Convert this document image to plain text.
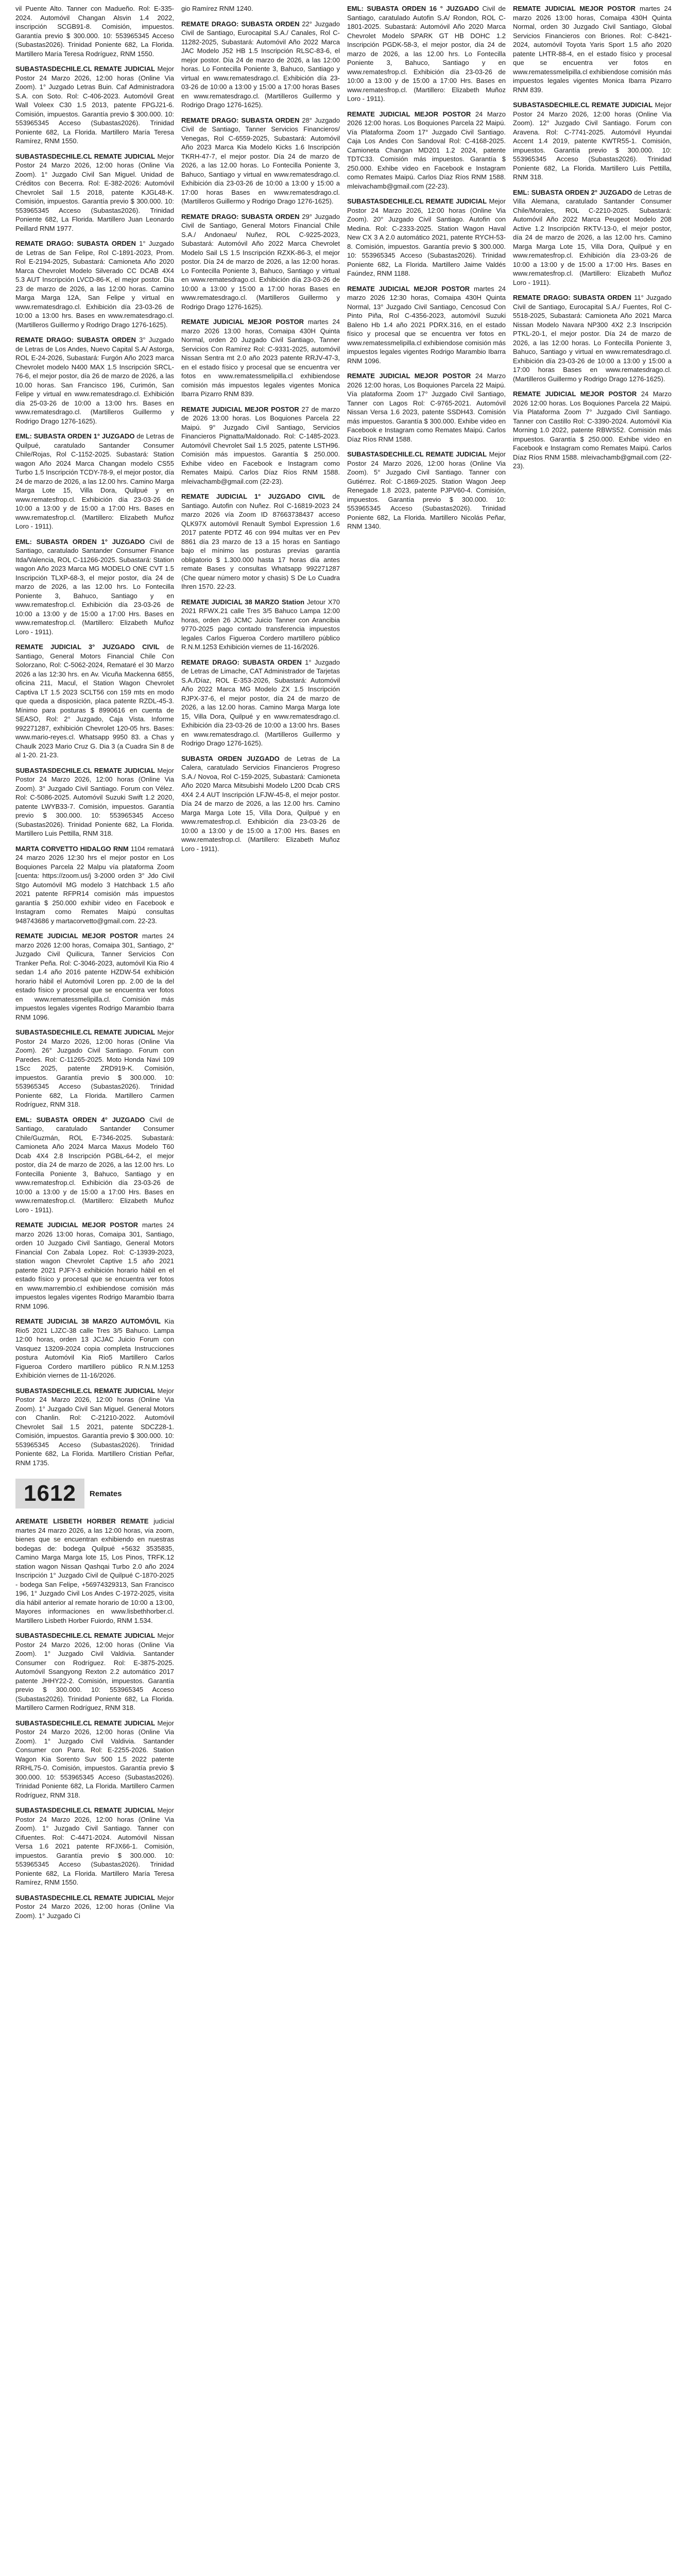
vil Puente Alto. Tanner con Madueño. Rol: E-335-2024. Automóvil Changan Alsvin 1.4 2022, inscripción SCGB91-8. Comisión, impuestos. Garantía previo $ 300.000. 10: 553965345 Acceso (Subastas2026). Trinidad Poniente 682, La Florida. Martillero María Teresa Rodríguez, RNM 1550.

SUBASTASDECHILE.CL REMATE JUDICIAL Mejor Postor 24 Marzo 2026, 12:00 horas (Online Via Zoom). 1° Juzgado Letras Buin. Caf Administradora S.A. con Soto. Rol: C-406-2023. Automóvil Great Wall Voleex C30 1.5 2013, patente FPGJ21-6. Comisión, impuestos. Garantía previo $ 300.000. 10: 553965345 Acceso (Subastas2026). Trinidad Poniente 682, La Florida. Martillero María Teresa Ramírez, RNM 1550.

SUBASTASDECHILE.CL REMATE JUDICIAL Mejor Postor 24 Marzo 2026, 12:00 horas (Online Via Zoom). 1° Juzgado Civil San Miguel. Unidad de Créditos con Becerra. Rol: E-382-2026: Automóvil Chevrolet Sail 1.5 2018, patente KJGL48-K. Comisión, impuestos. Garantía previo $ 300.000. 10: 553965345 Acceso (Subastas2026). Trinidad Poniente 682, La Florida. Martillero Juan Leonardo Peillard RNM 1977.

REMATE DRAGO: SUBASTA ORDEN 1° Juzgado de Letras de San Felipe, Rol C-1891-2023, Prom. Rol E-2194-2025, Subastará: Camioneta Año 2020 Marca Chevrolet Modelo Silverado CC DCAB 4X4 5.3 AUT Inscripción LVCD-86-K, el mejor postor. Día 23 de marzo de 2026, a las 12:00 horas. Camino Marga Marga 12A, San Felipe y virtual en www.rematesdrago.cl. Exhibición día 23-03-26 de 10:00 a 13:00 hrs. Bases en www.rematesdrago.cl. (Martilleros Guillermo y Rodrigo Drago 1276-1625).

REMATE DRAGO: SUBASTA ORDEN 3° Juzgado de Letras de Los Andes, Nuevo Capital S.A/ Astorga, ROL E-24-2026, Subastará: Furgón Año 2023 marca Chevrolet modelo N400 MAX 1.5 Inscripción SRCL-76-6, el mejor postor, día 26 de marzo de 2026, a las 10.00 horas. San Francisco 196, Curimón, San Felipe y virtual en www.rematesdrago.cl. Exhibición día 25-03-26 de 10:00 a 13:00 hrs. Bases en www.rematesdrago.cl. (Martilleros Guillermo y Rodrigo Drago 1276-1625).

EML: SUBASTA ORDEN 1° JUZGADO de Letras de Quilpué, caratulado Santander Consumer Chile/Rojas, Rol C-1152-2025. Subastará: Station wagon Año 2024 Marca Changan modelo CS55 Turbo 1.5 Inscripción TCDY-78-9, el mejor postor, día 24 de marzo de 2026, a las 12.00 hrs. Camino Marga Marga Lote 15, Villa Dora, Quilpué y en www.rematesfrop.cl. Exhibición día 23-03-26 de 10:00 a 13:00 y de 15:00 a 17:00 Hrs. Bases en www.rematesfrop.cl. (Martillero: Elizabeth Muñoz Loro - 1911).

EML: SUBASTA ORDEN 1° JUZGADO Civil de Santiago, caratulado Santander Consumer Finance Itda/Valencia, ROL C-11266-2025. Subastará: Station wagon Año 2023 Marca MG MODELO ONE CVT 1.5 Inscripción TLXP-68-3, el mejor postor, día 24 de marzo de 2026, a las 12.00 hrs. Lo Fontecilla Poniente 3, Bahuco, Santiago y en www.rematesfrop.cl. Exhibición día 23-03-26 de 10:00 a 13:00 y de 15:00 a 17:00 Hrs. Bases en www.rematesfrop.cl. (Martillero: Elizabeth Muñoz Loro - 1911).

REMATE JUDICIAL 3° JUZGADO CIVIL de Santiago, General Motors Financial Chile Con Solorzano, Rol: C-5062-2024, Remataré el 30 Marzo 2026 a las 12:30 hrs. en Av. Vicuña Mackenna 6855, oficina 211, Macul, el Station Wagon Chevrolet Captiva LT 1.5 2023 SCLT56 con 159 mts en modo que queda a disposición, placa patente RZDL-45-3. Mínimo para posturas $ 8990616 en cuenta de SEASO, Rol: 2° Juzgado, Caja Vista. Informe 992271287, exhibición Chevrolet 120-05 hrs. Bases: www.mario-reyes.cl. Whatsapp 9950 83. a Chas y Chaulk 2023 Mario Cruz G. Dia 3 (a Cuadra Sin 8 de al 1-20. 21-23.

SUBASTASDECHILE.CL REMATE JUDICIAL Mejor Postor 24 Marzo 2026, 12:00 horas (Online Via Zoom). 3° Juzgado Civil Santiago. Forum con Vélez. Rol: C-5086-2025. Automóvil Suzuki Swift 1.2 2020, patente LWYB33-7. Comisión, impuestos. Garantía previo $ 300.000. 10: 553965345 Acceso (Subastas2026). Trinidad Poniente 682, La Florida. Martillero Luis Pettilla, RNM 318.

MARTA CORVETTO HIDALGO RNM 1104 rematará 24 marzo 2026 12:30 hrs el mejor postor en Los Boquiones Parcela 22 Malpu vía plataforma Zoom [cuenta: https://zoom.us/j 3-2000 orden 3° Jdo Civil Stgo Automóvil MG modelo 3 Hatchback 1.5 año 2021 patente RFPR14 comisión más impuestos garantía $ 250.000 exhibir video en Facebook e Instagram como Remates Maipú consultas 948743686 y martacorvetto@gmail.com. 22-23.

REMATE JUDICIAL MEJOR POSTOR martes 24 marzo 2026 12:00 horas, Comaipa 301, Santiago, 2° Juzgado Civil Quilicura, Tanner Servicios Con Tranker Peña. Rol: C-3046-2023, automóvil Kia Rio 4 sedan 1.4 año 2016 patente HZDW-54 exhibición horario hábil el Automóvil Loren pp. 2.00 de la del estado físico y procesal que se encuentra ver fotos en www.rematessmelipilla.cl. Comisión más impuestos legales vigentes Rodrigo Marambio Ibarra RNM 1096.

SUBASTASDECHILE.CL REMATE JUDICIAL Mejor Postor 24 Marzo 2026, 12:00 horas (Online Via Zoom). 26° Juzgado Civil Santiago. Forum con Paredes. Rol: C-11265-2025. Moto Honda Navi 109 1Scc 2025, patente ZRD919-K. Comisión, impuestos. Garantía previo $ 300.000. 10: 553965345 Acceso (Subastas2026). Trinidad Poniente 682, La Florida. Martillero Carmen Rodríguez, RNM 318.

EML: SUBASTA ORDEN 4° JUZGADO Civil de Santiago, caratulado Santander Consumer Chile/Guzmán, ROL E-7346-2025. Subastará: Camioneta Año 2024 Marca Maxus Modelo T60 Dcab 4X4 2.8 Inscripción PGBL-64-2, el mejor postor, día 24 de marzo de 2026, a las 12.00 hrs. Lo Fontecilla Poniente 3, Bahuco, Santiago y en www.rematesfrop.cl. Exhibición día 23-03-26 de 10:00 a 13:00 y de 15:00 a 17:00 Hrs. Bases en www.rematesfrop.cl. (Martillero: Elizabeth Muñoz Loro - 1911).

REMATE JUDICIAL MEJOR POSTOR martes 24 marzo 2026 13:00 horas, Comaipa 301, Santiago, orden 10 Juzgado Civil Santiago, General Motors Financial Con Zabala Lopez. Rol: C-13939-2023, station wagon Chevrolet Captive 1.5 año 2021 patente 2021 PJFY-3 exhibición horario hábil en el estado físico y procesal que se encuentra ver fotos en www.marrembio.cl exhibiendose comisión más impuestos legales vigentes Rodrigo Marambio Ibarra RNM 1096.

REMATE JUDICIAL 38 MARZO AUTOMÓVIL Kia Rio5 2021 LJZC-38 calle Tres 3/5 Bahuco. Lampa 12:00 horas, orden 13 JCJAC Juicio Forum con Vasquez 13209-2024 copia completa Instrucciones postura Automóvil Kia Rio5 Martillero Carlos Figueroa Cordero martillero público R.N.M.1253 Exhibición viernes de 11-16/2026.

SUBASTASDECHILE.CL REMATE JUDICIAL Mejor Postor 24 Marzo 2026, 12:00 horas (Online Via Zoom). 1° Juzgado Civil San Miguel. General Motors con Chanlin. Rol: C-21210-2022. Automóvil Chevrolet Sail 1.5 2021, patente SDCZ28-1. Comisión, impuestos. Garantía previo $ 300.000. 10: 553965345 Acceso (Subastas2026). Trinidad Poniente 682, La Florida. Martillero Cristian Peñar, RNM 1735.

1612	Remates

AREMATE LISBETH HORBER REMATE judicial martes 24 marzo 2026, a las 12:00 horas, vía zoom, bienes que se encuentran exhibiendo en nuestras bodegas de: bodega Quilpué +5632 3535835, Camino Marga Marga lote 15, Los Pinos, TRFK.12 station wagon Nissan Qashqai Turbo 2.0 año 2024 Inscripción 1° Juzgado Civil de Quilpué C-1870-2025 - bodega San Felipe, +56974329313, San Francisco 196, 1° Juzgado Civil Los Andes C-1972-2025, visita día hábil anterior al remate horario de 10:00 a 13:00, Mayores informaciones en www.lisbethhorber.cl. Martillero Lisbeth Horber Fuiordo, RNM 1.534.

SUBASTASDECHILE.CL REMATE JUDICIAL Mejor Postor 24 Marzo 2026, 12:00 horas (Online Via Zoom). 1° Juzgado Civil Valdivia. Santander Consumer con Rodríguez. Rol: E-3875-2025. Automóvil Ssangyong Rexton 2.2 automático 2017 patente JHHY22-2. Comisión, impuestos. Garantía previo $ 300.000. 10: 553965345 Acceso (Subastas2026). Trinidad Poniente 682, La Florida. Martillero Carmen Rodríguez, RNM 318.

SUBASTASDECHILE.CL REMATE JUDICIAL Mejor Postor 24 Marzo 2026, 12:00 horas (Online Via Zoom). 1° Juzgado Civil Valdivia. Santander Consumer con Parra. Rol: E-2255-2026. Station Wagon Kia Sorento Suv 500 1.5 2022 patente RRHL75-0. Comisión, impuestos. Garantía previo $ 300.000. 10: 553965345 Acceso (Subastas2026). Trinidad Poniente 682, La Florida. Martillero Carmen Rodríguez, RNM 318.

SUBASTASDECHILE.CL REMATE JUDICIAL Mejor Postor 24 Marzo 2026, 12:00 horas (Online Via Zoom). 1° Juzgado Civil Santiago. Tanner con Cifuentes. Rol: C-4471-2024. Automóvil Nissan Versa 1.6 2021 patente RFJX66-1. Comisión, impuestos. Garantía previo $ 300.000. 10: 553965345 Acceso (Subastas2026). Trinidad Poniente 682, La Florida. Martillero María Teresa Ramírez, RNM 1550.

SUBASTASDECHILE.CL REMATE JUDICIAL Mejor Postor 24 Marzo 2026, 12:00 horas (Online Via Zoom). 1° Juzgado Ci

gio Ramírez RNM 1240.

REMATE DRAGO: SUBASTA ORDEN 22° Juzgado Civil de Santiago, Eurocapital S.A./ Canales, Rol C-11282-2025, Subastará: Automóvil Año 2022 Marca JAC Modelo J52 HB 1.5 Inscripción RLSC-83-6, el mejor postor. Día 24 de marzo de 2026, a las 12:00 horas. Lo Fontecilla Poniente 3, Bahuco, Santiago y virtual en www.rematesdrago.cl. Exhibición día 23-03-26 de 10:00 a 13:00 y 15:00 a 17:00 horas Bases en www.rematesdrago.cl. (Martilleros Guillermo y Rodrigo Drago 1276-1625).

REMATE DRAGO: SUBASTA ORDEN 28° Juzgado Civil de Santiago, Tanner Servicios Financieros/ Venegas, Rol C-6559-2025, Subastará: Automóvil Año 2023 Marca Kia Modelo Kicks 1.6 Inscripción TKRH-47-7, el mejor postor. Día 24 de marzo de 2026, a las 12.00 horas. Lo Fontecilla Poniente 3, Bahuco, Santiago y virtual en www.rematesdrago.cl. Exhibición día 23-03-26 de 10:00 a 13:00 y 15:00 a 17:00 horas Bases en www.rematesdrago.cl. (Martilleros Guillermo y Rodrigo Drago 1276-1625).

REMATE DRAGO: SUBASTA ORDEN 29° Juzgado Civil de Santiago, General Motors Financial Chile S.A./ Andonaeu/ Nuñez, ROL C-9225-2023, Subastará: Automóvil Año 2022 Marca Chevrolet Modelo Sail LS 1.5 Inscripción RZXK-86-3, el mejor postor. Día 24 de marzo de 2026, a las 12:00 horas. Lo Fontecilla Poniente 3, Bahuco, Santiago y virtual en www.rematesdrago.cl. Exhibición día 23-03-26 de 10:00 a 13:00 y 15:00 a 17:00 horas Bases en www.rematesdrago.cl. (Martilleros Guillermo y Rodrigo Drago 1276-1625).

REMATE JUDICIAL MEJOR POSTOR martes 24 marzo 2026 13:00 horas, Comaipa 430H Quinta Normal, orden 20 Juzgado Civil Santiago, Tanner Servicios Con Ramírez Rol: C-9331-2025, automóvil Nissan Sentra mt 2.0 año 2023 patente RRJV-47-3, en el estado físico y procesal que se encuentra ver fotos en www.rematessmelipilla.cl exhibiendose comisión más impuestos legales vigentes Monica Ibarra Pizarro RNM 839.

REMATE JUDICIAL MEJOR POSTOR 27 de marzo de 2026 13:00 horas. Los Boquiones Parcela 22 Maipú. 9° Juzgado Civil Santiago, Servicios Financieros Pignatta/Maldonado. Rol: C-1485-2023. Automóvil Chevrolet Sail 1.5 2025, patente LSTH96. Comisión más impuestos. Garantía $ 250.000. Exhibe video en Facebook e Instagram como Remates Maipú. Carlos Díaz Ríos RNM 1588. mleivachamb@gmail.com (22-23).

REMATE JUDICIAL 1° JUZGADO CIVIL de Santiago. Autofin con Nuñez. Rol C-16819-2023 24 marzo 2026 vía Zoom ID 87663738437 acceso QLK97X automóvil Renault Symbol Expression 1.6 2017 patente PDTZ 46 con 994 multas ver en Pev 8861 día 23 marzo de 13 a 15 horas en Santiago bajo el mínimo las posturas previas garantía obligatorio $ 1.300.000 hasta 17 horas día antes remate Bases y consultas Whatsapp 992271287 (Che quear número motor y chasis) S De Lo Cuadra Ihren 1570. 22-23.

REMATE JUDICIAL 38 MARZO Station Jetour X70 2021 RFWX.21 calle Tres 3/5 Bahuco Lampa 12:00 horas, orden 26 JCMC Juicio Tanner con Arancibia 9770-2025 pago contado transferencia impuestos legales Carlos Figueroa Cordero martillero público R.N.M.1253 Exhibición viernes de 11-16/2026.

REMATE DRAGO: SUBASTA ORDEN 1° Juzgado de Letras de Limache, CAT Administrador de Tarjetas S.A./Díaz, ROL E-353-2026, Subastará: Automóvil Año 2022 Marca MG Modelo ZX 1.5 Inscripción RJPX-37-6, el mejor postor, día 24 de marzo de 2026, a las 12.00 horas. Camino Marga Marga lote 15, Villa Dora, Quilpué y en www.rematesdrago.cl. Exhibición día 23-03-26 de 10:00 a 13:00 hrs. Bases en www.rematesdrago.cl. (Martilleros Guillermo y Rodrigo Drago 1276-1625).

SUBASTA ORDEN JUZGADO de Letras de La Calera, caratulado Servicios Financieros Progreso S.A./ Novoa, Rol C-159-2025, Subastará: Camioneta Año 2020 Marca Mitsubishi Modelo L200 Dcab CRS 4X4 2.4 AUT Inscripción LFJW-45-8, el mejor postor. Día 24 de marzo de 2026, a las 12.00 hrs. Camino Marga Marga Lote 15, Villa Dora, Quilpué y en www.rematesfrop.cl. Exhibición día 23-03-26 de 10:00 a 13:00 y de 15:00 a 17:00 Hrs. Bases en www.rematesfrop.cl. (Martillero: Elizabeth Muñoz Loro - 1911).

EML: SUBASTA ORDEN 16 ° JUZGADO Civil de Santiago, caratulado Autofin S.A/ Rondon, ROL C-1801-2025. Subastará: Automóvil Año 2020 Marca Chevrolet Modelo SPARK GT HB DOHC 1.2 Inscripción PGDK-58-3, el mejor postor, día 24 de marzo de 2026, a las 12.00 hrs. Lo Fontecilla Poniente 3, Bahuco, Santiago y en www.rematesfrop.cl. Exhibición día 23-03-26 de 10:00 a 13:00 y de 15:00 a 17:00 Hrs. Bases en www.rematesfrop.cl. (Martillero: Elizabeth Muñoz Loro - 1911).

REMATE JUDICIAL MEJOR POSTOR 24 Marzo 2026 12:00 horas. Los Boquiones Parcela 22 Maipú. Vía Plataforma Zoom 17° Juzgado Civil Santiago. Caja Los Andes Con Sandoval Rol: C-4168-2025. Camioneta Changan MD201 1.2 2024, patente TDTC33. Comisión más impuestos. Garantía $ 250.000. Exhibe video en Facebook e Instagram como Remates Maipú. Carlos Díaz Ríos RNM 1588. mleivachamb@gmail.com (22-23).

SUBASTASDECHILE.CL REMATE JUDICIAL Mejor Postor 24 Marzo 2026, 12:00 horas (Online Via Zoom). 20° Juzgado Civil Santiago. Autofin con Medina. Rol: C-2333-2025. Station Wagon Haval New CX 3 A 2.0 automático 2021, patente RYCH-53-8. Comisión, impuestos. Garantía previo $ 300.000. 10: 553965345 Acceso (Subastas2026). Trinidad Poniente 682, La Florida. Martillero Jaime Valdés Faúndez, RNM 1188.

REMATE JUDICIAL MEJOR POSTOR martes 24 marzo 2026 12:30 horas, Comaipa 430H Quinta Normal, 13° Juzgado Civil Santiago, Cencosud Con Pinto Piña, Rol C-4356-2023, automóvil Suzuki Baleno Hb 1.4 año 2021 PDRX.316, en el estado físico y procesal que se encuentra ver fotos en www.rematessmelipilla.cl exhibiendose comisión más impuestos legales vigentes Rodrigo Marambio Ibarra RNM 1096.

REMATE JUDICIAL MEJOR POSTOR 24 Marzo 2026 12:00 horas, Los Boquiones Parcela 22 Maipú. Vía plataforma Zoom 17° Juzgado Civil Santiago, Tanner con Lagos Rol: C-9765-2021. Automóvil Nissan Versa 1.6 2023, patente SSDH43. Comisión más impuestos. Garantía $ 300.000. Exhibe video en Facebook e Instagram como Remates Maipú. Carlos Díaz Ríos RNM 1588.

SUBASTASDECHILE.CL REMATE JUDICIAL Mejor Postor 24 Marzo 2026, 12:00 horas (Online Via Zoom). 5° Juzgado Civil Santiago. Tanner con Gutiérrez. Rol: C-1869-2025. Station Wagon Jeep Renegade 1.8 2023, patente PJPV60-4. Comisión, impuestos. Garantía previo $ 300.000. 10: 553965345 Acceso (Subastas2026). Trinidad Poniente 682, La Florida. Martillero Nicolás Peñar, RNM 1340.

REMATE JUDICIAL MEJOR POSTOR martes 24 marzo 2026 13:00 horas, Comaipa 430H Quinta Normal, orden 30 Juzgado Civil Santiago, Global Servicios Financieros con Briones. Rol: C-8421-2024, automóvil Toyota Yaris Sport 1.5 año 2020 patente LHTR-88-4, en el estado físico y procesal que se encuentra ver fotos en www.rematessmelipilla.cl exhibiendose comisión más impuestos legales vigentes Monica Ibarra Pizarro RNM 839.

SUBASTASDECHILE.CL REMATE JUDICIAL Mejor Postor 24 Marzo 2026, 12:00 horas (Online Via Zoom). 12° Juzgado Civil Santiago. Forum con Aravena. Rol: C-7741-2025. Automóvil Hyundai Accent 1.4 2019, patente KWTR55-1. Comisión, impuestos. Garantía previo $ 300.000. 10: 553965345 Acceso (Subastas2026). Trinidad Poniente 682, La Florida. Martillero Luis Pettilla, RNM 318.

EML: SUBASTA ORDEN 2° JUZGADO de Letras de Villa Alemana, caratulado Santander Consumer Chile/Morales, ROL C-2210-2025. Subastará: Automóvil Año 2022 Marca Peugeot Modelo 208 Active 1.2 Inscripción RKTV-13-0, el mejor postor, día 24 de marzo de 2026, a las 12.00 hrs. Camino Marga Marga Lote 15, Villa Dora, Quilpué y en www.rematesfrop.cl. Exhibición día 23-03-26 de 10:00 a 13:00 y de 15:00 a 17:00 Hrs. Bases en www.rematesfrop.cl. (Martillero: Elizabeth Muñoz Loro - 1911).

REMATE DRAGO: SUBASTA ORDEN 11° Juzgado Civil de Santiago, Eurocapital S.A./ Fuentes, Rol C-5518-2025, Subastará: Camioneta Año 2021 Marca Nissan Modelo Navara NP300 4X2 2.3 Inscripción PTKL-20-1, el mejor postor. Día 24 de marzo de 2026, a las 12:00 horas. Lo Fontecilla Poniente 3, Bahuco, Santiago y virtual en www.rematesdrago.cl. Exhibición día 23-03-26 de 10:00 a 13:00 y 15:00 a 17:00 horas Bases en www.rematesdrago.cl. (Martilleros Guillermo y Rodrigo Drago 1276-1625).

REMATE JUDICIAL MEJOR POSTOR 24 Marzo 2026 12:00 horas. Los Boquiones Parcela 22 Maipú. Vía Plataforma Zoom 7° Juzgado Civil Santiago. Tanner con Castillo Rol: C-3390-2024. Automóvil Kia Morning 1.0 2022, patente RBWS52. Comisión más impuestos. Garantía $ 250.000. Exhibe video en Facebook e Instagram como Remates Maipú. Carlos Díaz Ríos RNM 1588. mleivachamb@gmail.com (22-23).
